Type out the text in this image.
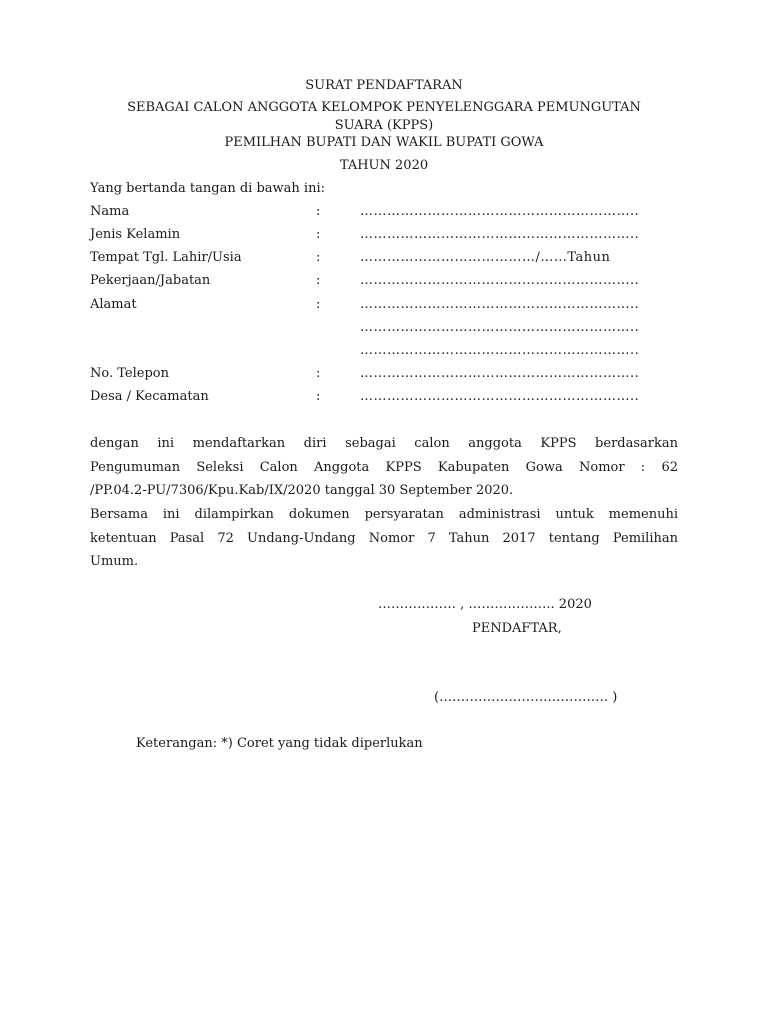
SURAT PENDAFTARAN
SEBAGAI CALON ANGGOTA KELOMPOK PENYELENGGARA PEMUNGUTAN
SUARA (KPPS)
PEMILHAN BUPATI DAN WAKIL BUPATI GOWA
TAHUN 2020
Yang bertanda tangan di bawah ini:
Nama	:	……………………………………………………..
Jenis Kelamin	:	……………………………………………………..
Tempat Tgl. Lahir/Usia	:	…………………………………/……Tahun
Pekerjaan/Jabatan	:	……………………………………………………..
Alamat	:	……………………………………………………..
……………………………………………………..
……………………………………………………..
No. Telepon	:	……………………………………………………..
Desa / Kecamatan	:	……………………………………………………..
dengan ini mendaftarkan diri sebagai calon anggota KPPS berdasarkan
Pengumuman Seleksi Calon Anggota KPPS Kabupaten Gowa Nomor : 62
/PP.04.2-PU/7306/Kpu.Kab/IX/2020 tanggal 30 September 2020.
Bersama ini dilampirkan dokumen persyaratan administrasi untuk memenuhi
ketentuan Pasal 72 Undang-Undang Nomor 7 Tahun 2017 tentang Pemilihan
Umum.
……………… , ……………….. 2020
PENDAFTAR,
(………………………………… )
Keterangan: *) Coret yang tidak diperlukan
